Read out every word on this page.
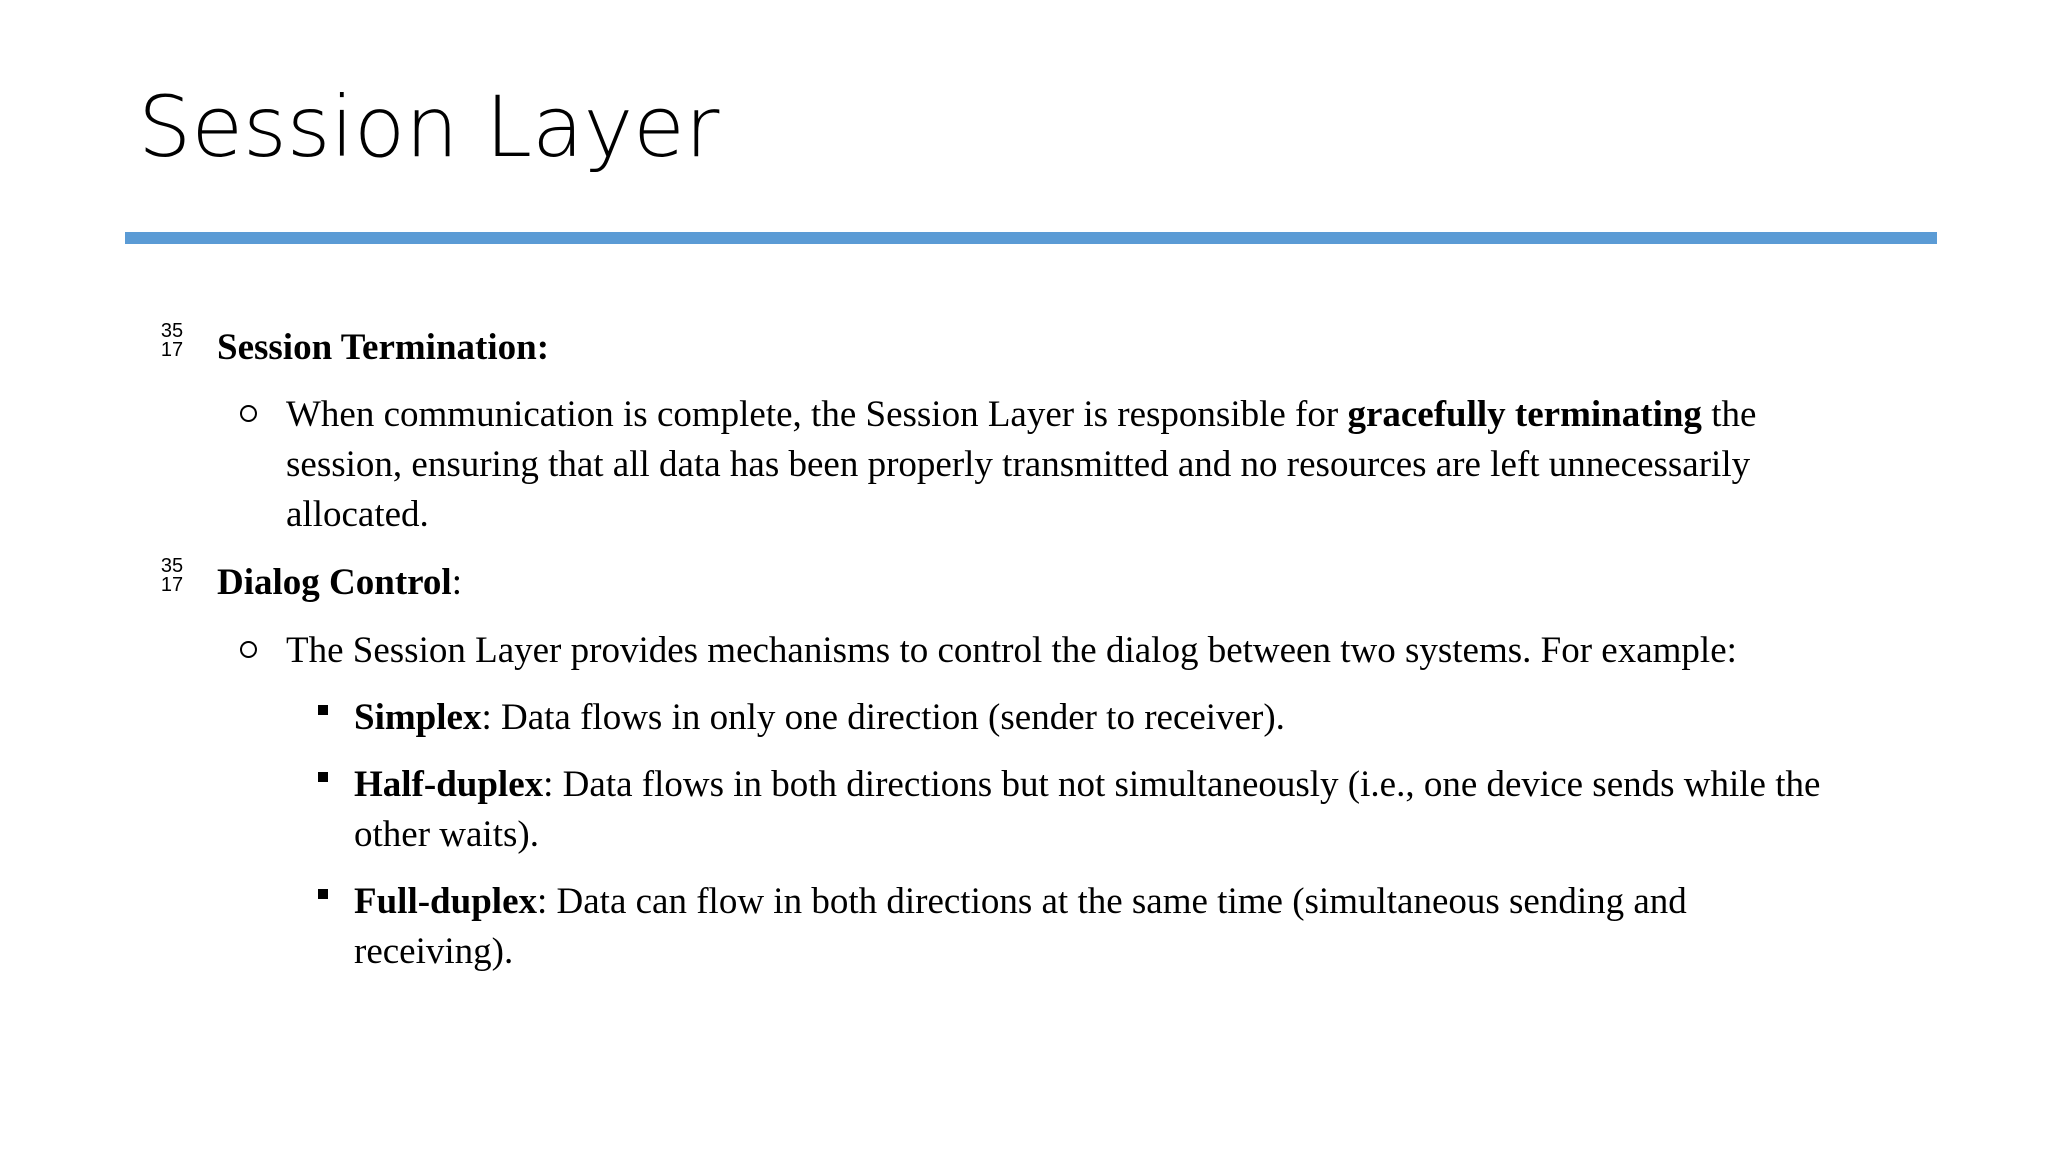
Session Layer
35
17 Session Termination:
When communication is complete, the Session Layer is responsible for gracefully terminating the
session, ensuring that all data has been properly transmitted and no resources are left unnecessarily
allocated.
35
17 Dialog Control:
The Session Layer provides mechanisms to control the dialog between two systems. For example:
Simplex: Data flows in only one direction (sender to receiver).
Half-duplex: Data flows in both directions but not simultaneously (i.e., one device sends while the
other waits).
Full-duplex: Data can flow in both directions at the same time (simultaneous sending and
receiving).
